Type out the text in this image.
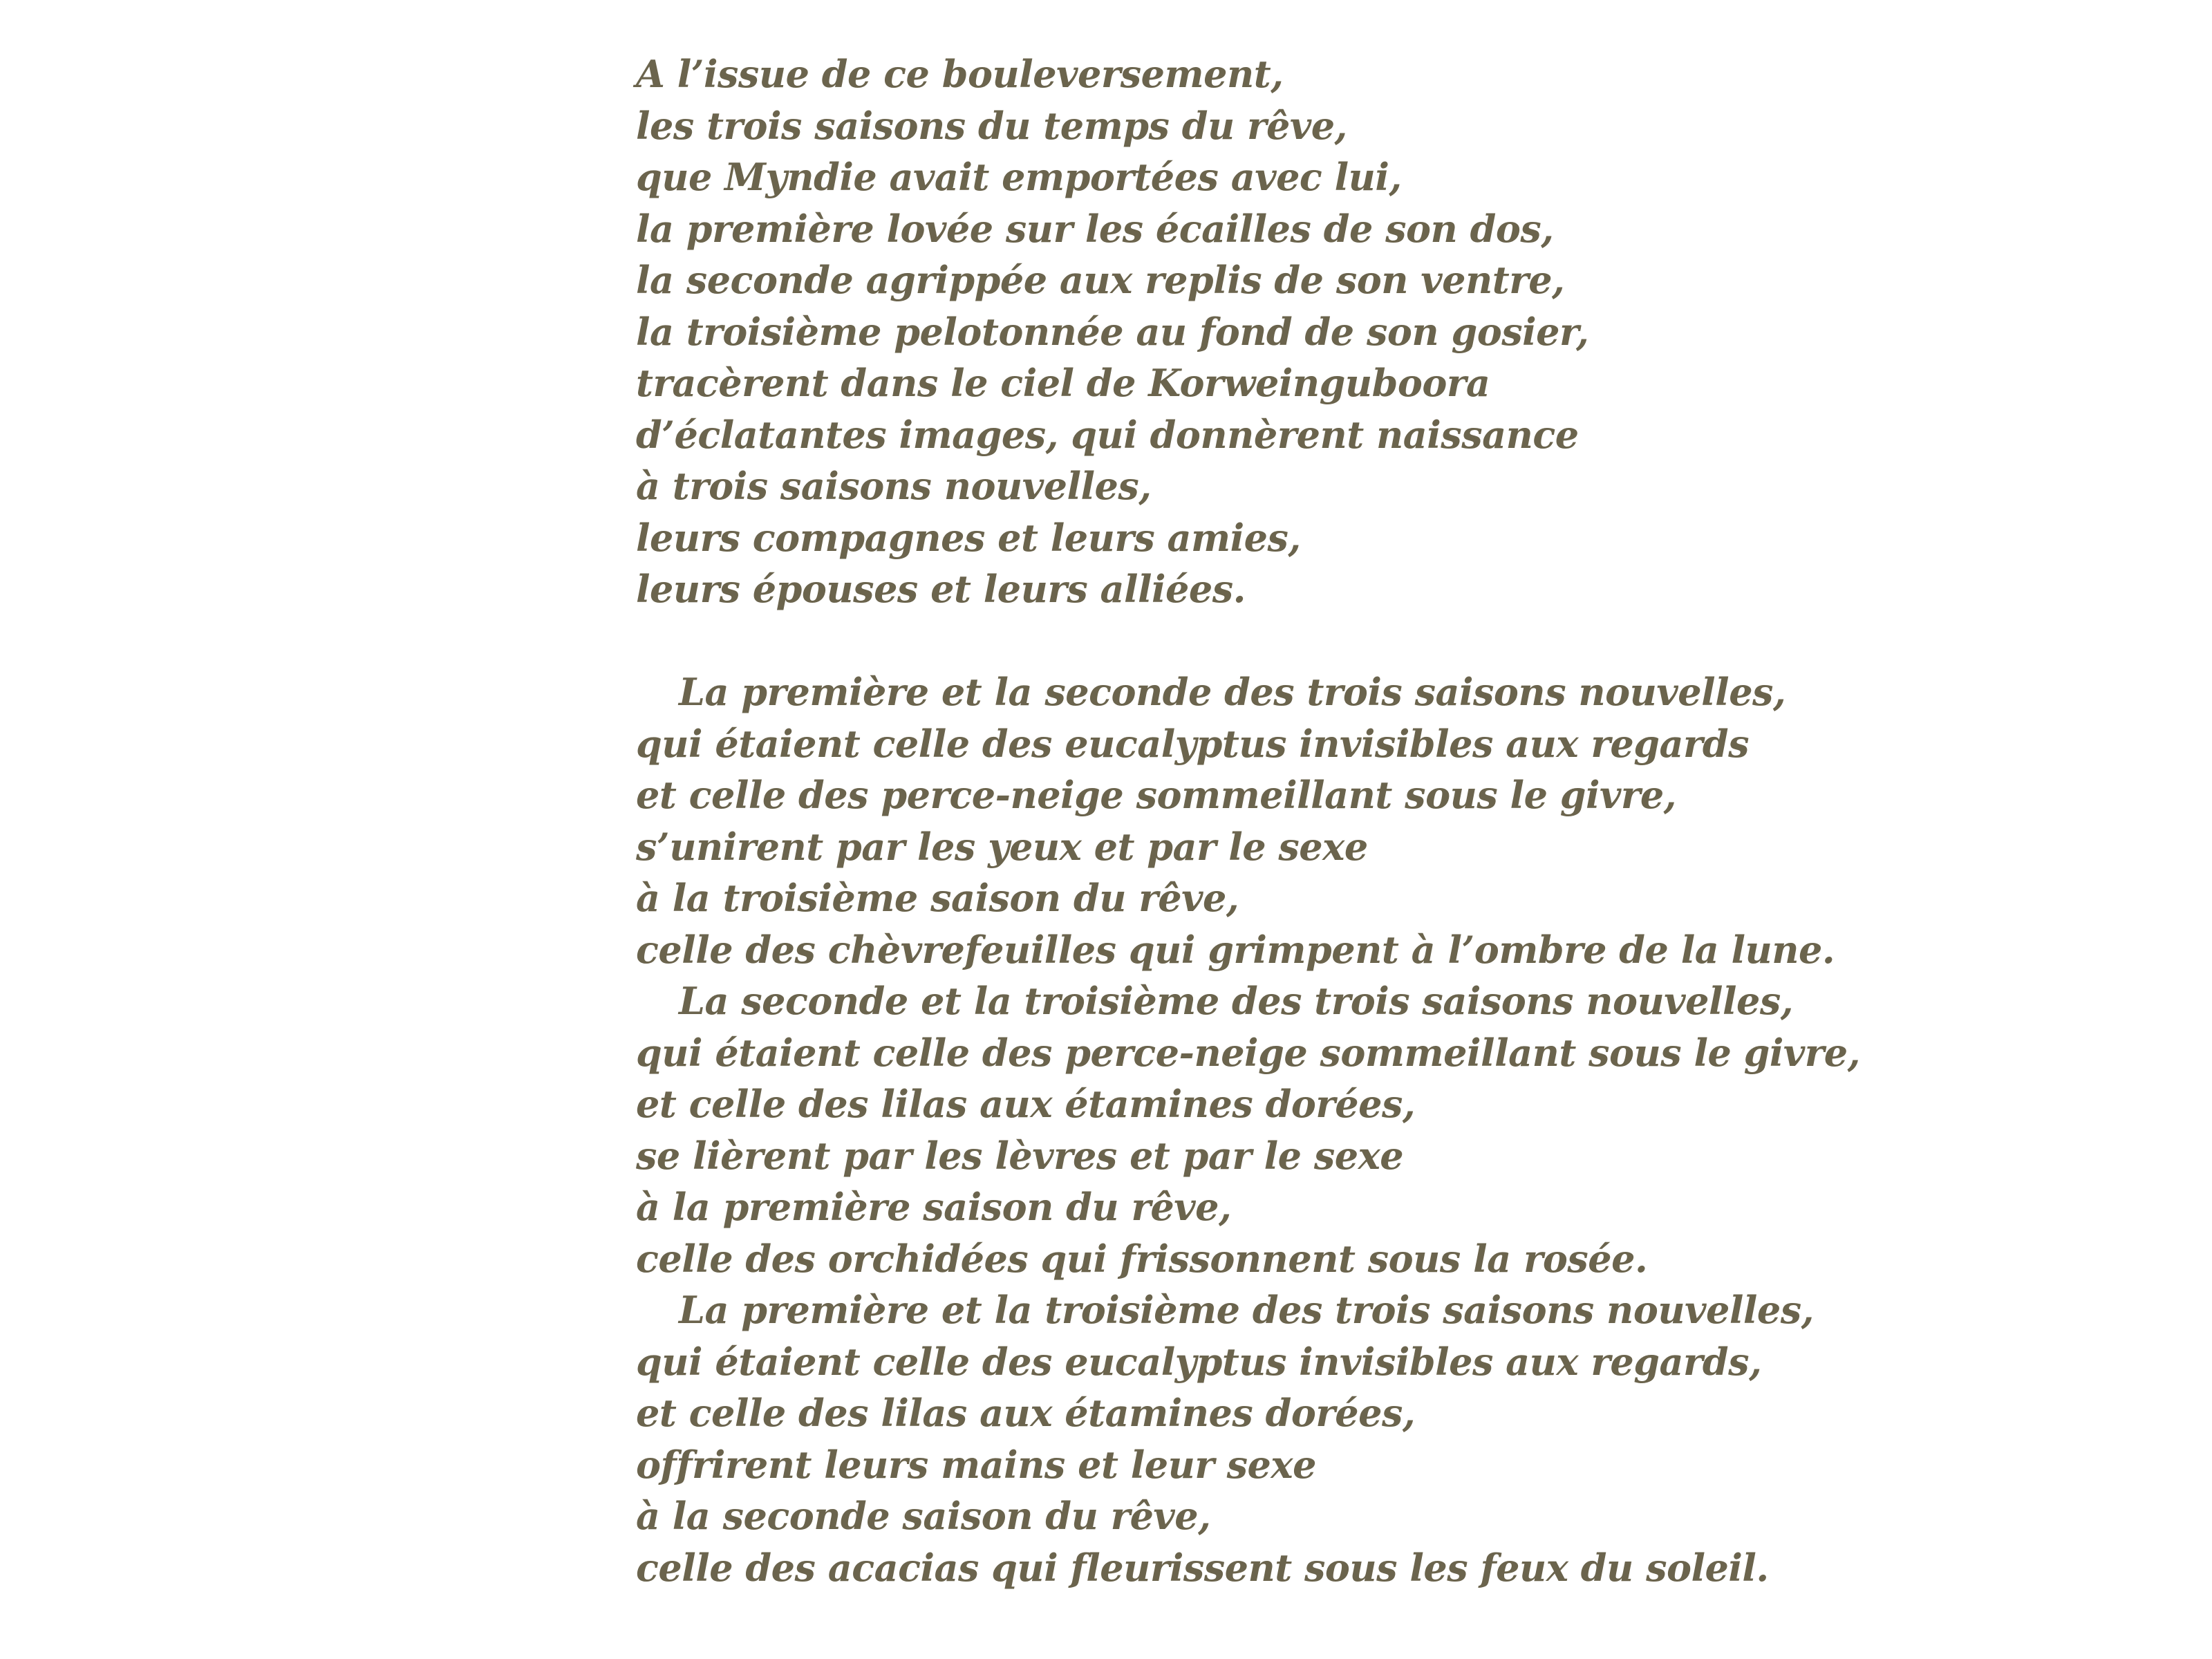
A l’issue de ce bouleversement,
les trois saisons du temps du rêve,
que Myndie avait emportées avec lui,
la première lovée sur les écailles de son dos,
la seconde agrippée aux replis de son ventre,
la troisième pelotonnée au fond de son gosier,
tracèrent dans le ciel de Korweinguboora
d’éclatantes images, qui donnèrent naissance
à trois saisons nouvelles,
leurs compagnes et leurs amies,
leurs épouses et leurs alliées.
La première et la seconde des trois saisons nouvelles,
qui étaient celle des eucalyptus invisibles aux regards
et celle des perce-neige sommeillant sous le givre,
s’unirent par les yeux et par le sexe
à la troisième saison du rêve,
celle des chèvrefeuilles qui grimpent à l’ombre de la lune.
La seconde et la troisième des trois saisons nouvelles,
qui étaient celle des perce-neige sommeillant sous le givre,
et celle des lilas aux étamines dorées,
se lièrent par les lèvres et par le sexe
à la première saison du rêve,
celle des orchidées qui frissonnent sous la rosée.
La première et la troisième des trois saisons nouvelles,
qui étaient celle des eucalyptus invisibles aux regards,
et celle des lilas aux étamines dorées,
offrirent leurs mains et leur sexe
à la seconde saison du rêve,
celle des acacias qui fleurissent sous les feux du soleil.
